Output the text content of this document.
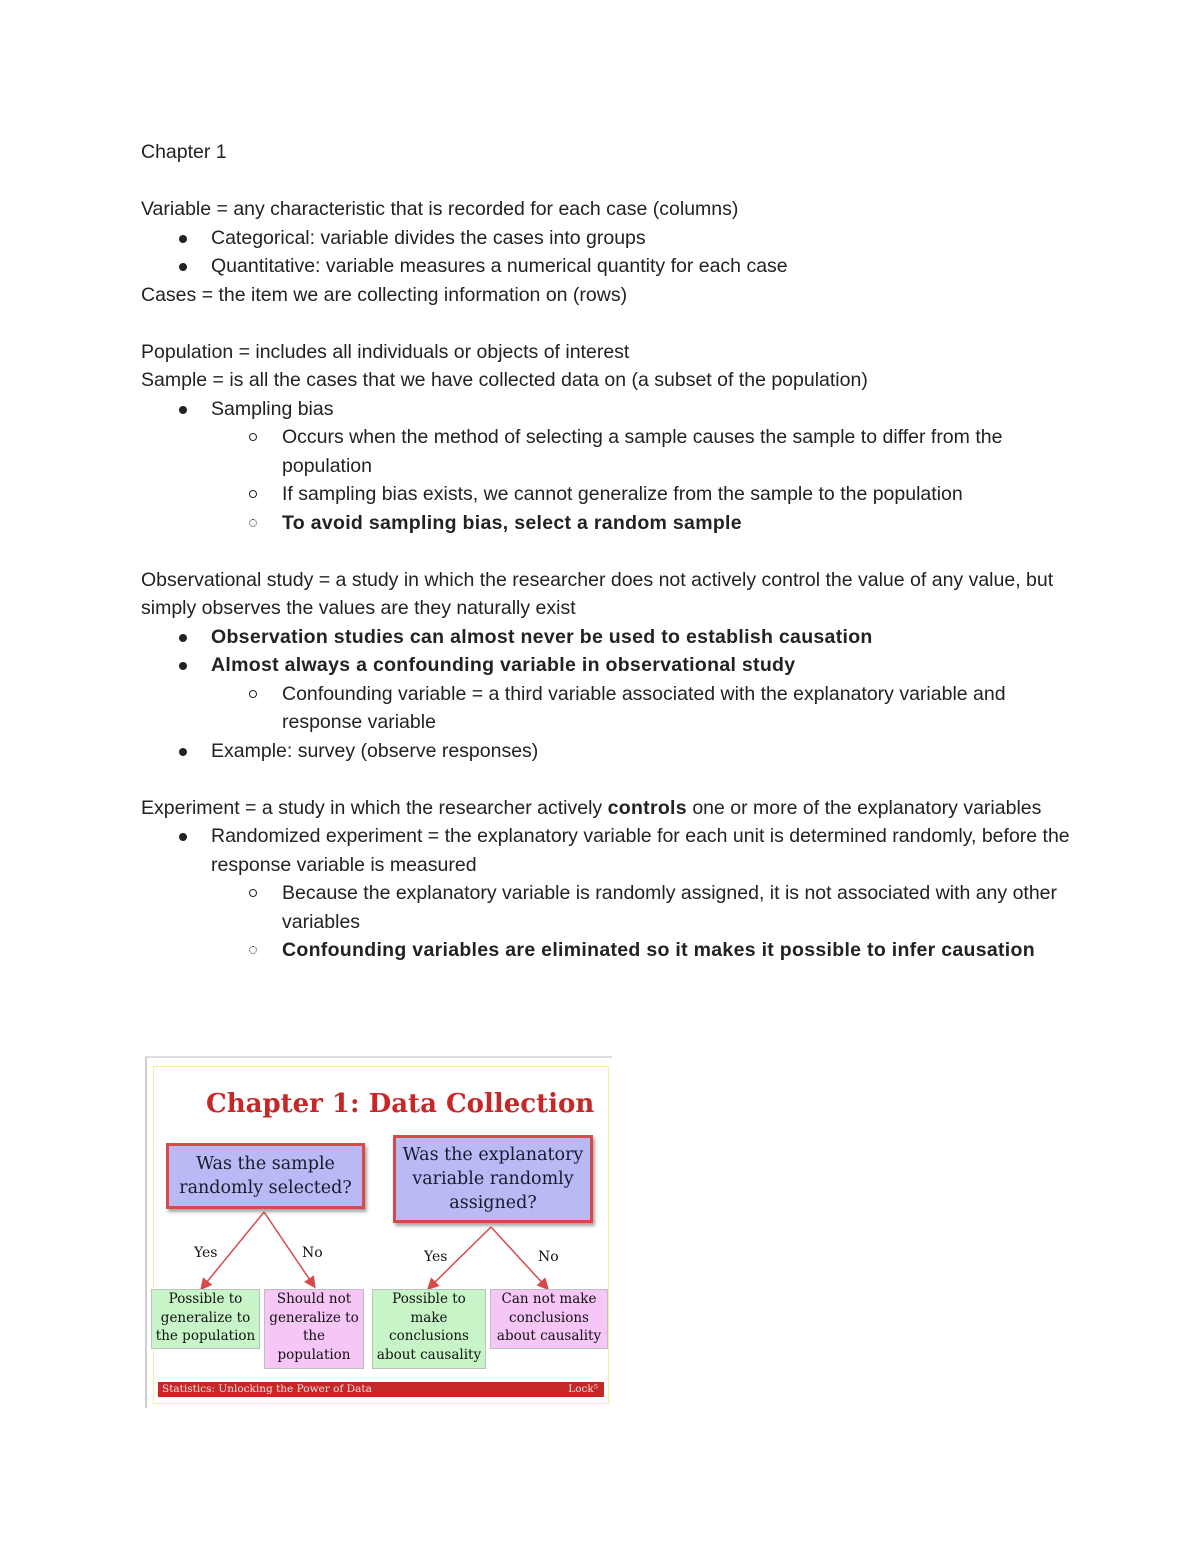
Chapter 1

Variable = any characteristic that is recorded for each case (columns)

Categorical: variable divides the cases into groups

Quantitative: variable measures a numerical quantity for each case

Cases = the item we are collecting information on (rows)

Population = includes all individuals or objects of interest

Sample = is all the cases that we have collected data on (a subset of the population)

Sampling bias

Occurs when the method of selecting a sample causes the sample to differ from the population

If sampling bias exists, we cannot generalize from the sample to the population

To avoid sampling bias, select a random sample

Observational study = a study in which the researcher does not actively control the value of any value, but simply observes the values are they naturally exist

Observation studies can almost never be used to establish causation

Almost always a confounding variable in observational study

Confounding variable = a third variable associated with the explanatory variable and response variable

Example: survey (observe responses)

Experiment = a study in which the researcher actively controls one or more of the explanatory variables

Randomized experiment = the explanatory variable for each unit is determined randomly, before the response variable is measured

Because the explanatory variable is randomly assigned, it is not associated with any other variables

Confounding variables are eliminated so it makes it possible to infer causation

Chapter 1: Data Collection
Was the sample randomly selected?
Was the explanatory variable randomly assigned?
Yes	No	Yes	No
Possible to generalize to the population
Should not generalize to the population
Possible to make conclusions about causality
Can not make conclusions about causality
Statistics: Unlocking the Power of Data	Lock⁵
